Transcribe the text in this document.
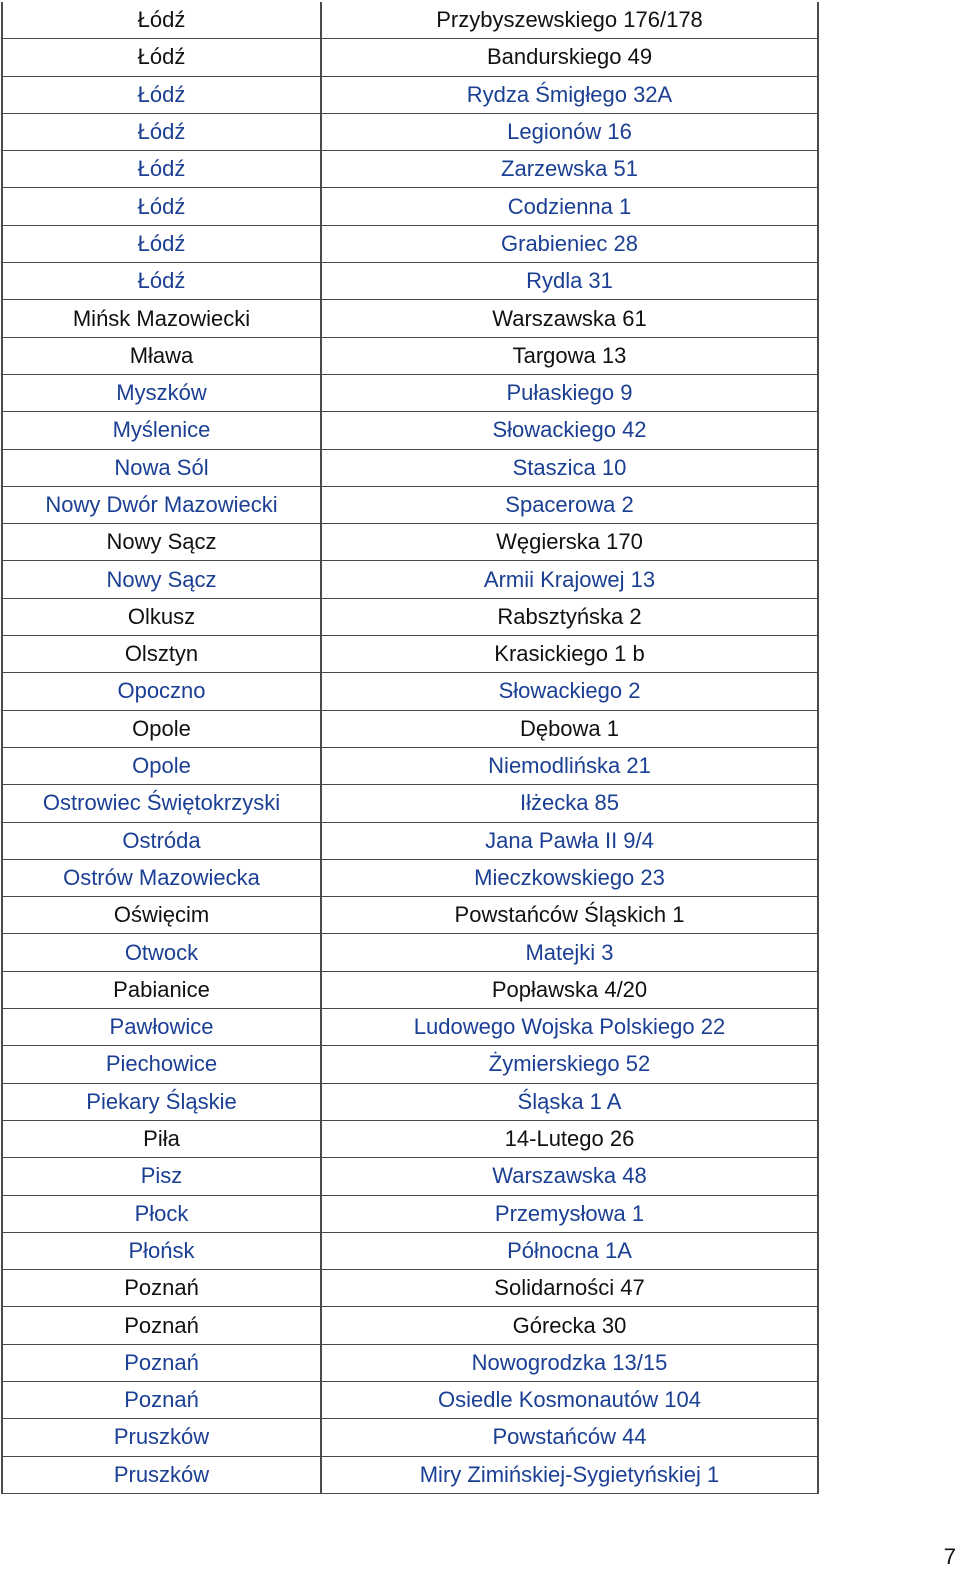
Łódź	Przybyszewskiego 176/178
Łódź	Bandurskiego 49
Łódź	Rydza Śmigłego 32A
Łódź	Legionów 16
Łódź	Zarzewska 51
Łódź	Codzienna 1
Łódź	Grabieniec 28
Łódź	Rydla 31
Mińsk Mazowiecki	Warszawska 61
Mława	Targowa 13
Myszków	Pułaskiego 9
Myślenice	Słowackiego 42
Nowa Sól	Staszica 10
Nowy Dwór Mazowiecki	Spacerowa 2
Nowy Sącz	Węgierska 170
Nowy Sącz	Armii Krajowej 13
Olkusz	Rabsztyńska 2
Olsztyn	Krasickiego 1 b
Opoczno	Słowackiego 2
Opole	Dębowa 1
Opole	Niemodlińska 21
Ostrowiec Świętokrzyski	Iłżecka 85
Ostróda	Jana Pawła II 9/4
Ostrów Mazowiecka	Mieczkowskiego 23
Oświęcim	Powstańców Śląskich 1
Otwock	Matejki 3
Pabianice	Popławska 4/20
Pawłowice	Ludowego Wojska Polskiego 22
Piechowice	Żymierskiego 52
Piekary Śląskie	Śląska 1 A
Piła	14-Lutego 26
Pisz	Warszawska 48
Płock	Przemysłowa 1
Płońsk	Północna 1A
Poznań	Solidarności 47
Poznań	Górecka 30
Poznań	Nowogrodzka 13/15
Poznań	Osiedle Kosmonautów 104
Pruszków	Powstańców 44
Pruszków	Miry Zimińskiej-Sygietyńskiej 1
7
